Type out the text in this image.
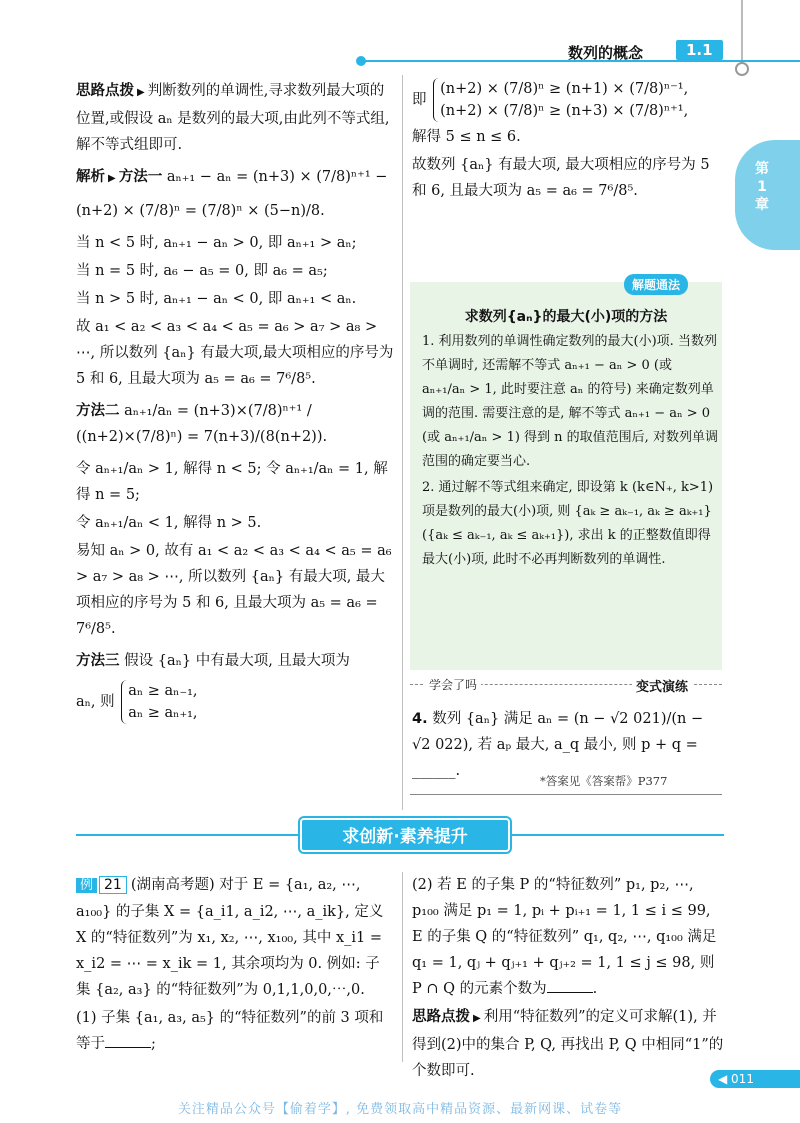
数列的概念	1.1
第1章

思路点拨 ▶ 判断数列的单调性,寻求数列最大项的位置,或假设 aₙ 是数列的最大项,由此列不等式组,解不等式组即可.

解析 ▶ 方法一 aₙ₊₁ − aₙ = (n+3) × (7/8)ⁿ⁺¹ −

(n+2) × (7/8)ⁿ = (7/8)ⁿ × (5−n)/8.

当 n < 5 时, aₙ₊₁ − aₙ > 0, 即 aₙ₊₁ > aₙ;

当 n = 5 时, a₆ − a₅ = 0, 即 a₆ = a₅;

当 n > 5 时, aₙ₊₁ − aₙ < 0, 即 aₙ₊₁ < aₙ.

故 a₁ < a₂ < a₃ < a₄ < a₅ = a₆ > a₇ > a₈ > ⋯, 所以数列 {aₙ} 有最大项,最大项相应的序号为 5 和 6, 且最大项为 a₅ = a₆ = 7⁶/8⁵.

方法二 aₙ₊₁/aₙ = (n+3)×(7/8)ⁿ⁺¹ / ((n+2)×(7/8)ⁿ) = 7(n+3)/(8(n+2)).

令 aₙ₊₁/aₙ > 1, 解得 n < 5; 令 aₙ₊₁/aₙ = 1, 解得 n = 5;

令 aₙ₊₁/aₙ < 1, 解得 n > 5.

易知 aₙ > 0, 故有 a₁ < a₂ < a₃ < a₄ < a₅ = a₆ > a₇ > a₈ > ⋯, 所以数列 {aₙ} 有最大项, 最大项相应的序号为 5 和 6, 且最大项为 a₅ = a₆ = 7⁶/8⁵.

方法三 假设 {aₙ} 中有最大项, 且最大项为

aₙ, 则
aₙ ≥ aₙ₋₁,
aₙ ≥ aₙ₊₁,

即
(n+2) × (7/8)ⁿ ≥ (n+1) × (7/8)ⁿ⁻¹,
(n+2) × (7/8)ⁿ ≥ (n+3) × (7/8)ⁿ⁺¹,

解得 5 ≤ n ≤ 6.

故数列 {aₙ} 有最大项, 最大项相应的序号为 5 和 6, 且最大项为 a₅ = a₆ = 7⁶/8⁵.

解题通法
求数列{aₙ}的最大(小)项的方法

1. 利用数列的单调性确定数列的最大(小)项. 当数列不单调时, 还需解不等式 aₙ₊₁ − aₙ > 0 (或 aₙ₊₁/aₙ > 1, 此时要注意 aₙ 的符号) 来确定数列单调的范围. 需要注意的是, 解不等式 aₙ₊₁ − aₙ > 0 (或 aₙ₊₁/aₙ > 1) 得到 n 的取值范围后, 对数列单调范围的确定要当心.

2. 通过解不等式组来确定, 即设第 k (k∈N₊, k>1) 项是数列的最大(小)项, 则 {aₖ ≥ aₖ₋₁, aₖ ≥ aₖ₊₁} ({aₖ ≤ aₖ₋₁, aₖ ≤ aₖ₊₁}), 求出 k 的正整数值即得最大(小)项, 此时不必再判断数列的单调性.

学会了吗	变式演练
4. 数列 {aₙ} 满足 aₙ = (n − √2 021)/(n − √2 022), 若 aₚ 最大, a_q 最小, 则 p + q = ______.
*答案见《答案帮》P377
求创新·素养提升

例 21 (湖南高考题) 对于 E = {a₁, a₂, ⋯, a₁₀₀} 的子集 X = {a_i1, a_i2, ⋯, a_ik}, 定义 X 的“特征数列”为 x₁, x₂, ⋯, x₁₀₀, 其中 x_i1 = x_i2 = ⋯ = x_ik = 1, 其余项均为 0. 例如: 子集 {a₂, a₃} 的“特征数列”为 0,1,1,0,0,⋯,0.

(1) 子集 {a₁, a₃, a₅} 的“特征数列”的前 3 项和等于	;

(2) 若 E 的子集 P 的“特征数列” p₁, p₂, ⋯, p₁₀₀ 满足 p₁ = 1, pᵢ + pᵢ₊₁ = 1, 1 ≤ i ≤ 99, E 的子集 Q 的“特征数列” q₁, q₂, ⋯, q₁₀₀ 满足 q₁ = 1, qⱼ + qⱼ₊₁ + qⱼ₊₂ = 1, 1 ≤ j ≤ 98, 则 P ∩ Q 的元素个数为	.

思路点拨 ▶ 利用“特征数列”的定义可求解(1), 并得到(2)中的集合 P, Q, 再找出 P, Q 中相同“1”的个数即可.	◀ 011
关注精品公众号【偷着学】, 免费领取高中精品资源、最新网课、试卷等
